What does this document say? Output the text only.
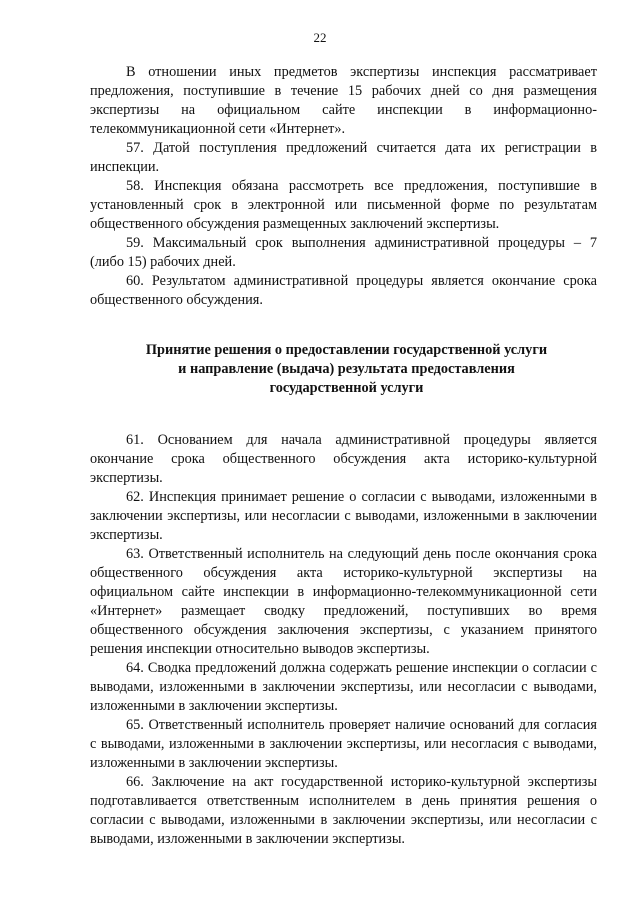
22

В отношении иных предметов экспертизы инспекция рассматривает предложения, поступившие в течение 15 рабочих дней со дня размещения экспертизы на официальном сайте инспекции в информационно-телекоммуникационной сети «Интернет».

57. Датой поступления предложений считается дата их регистрации в инспекции.

58. Инспекция обязана рассмотреть все предложения, поступившие в установленный срок в электронной или письменной форме по результатам общественного обсуждения размещенных заключений экспертизы.

59. Максимальный срок выполнения административной процедуры – 7 (либо 15) рабочих дней.

60. Результатом административной процедуры является окончание срока общественного обсуждения.

Принятие решения о предоставлении государственной услуги
и направление (выдача) результата предоставления
государственной услуги

61. Основанием для начала административной процедуры является окончание срока общественного обсуждения акта историко-культурной экспертизы.

62. Инспекция принимает решение о согласии с выводами, изложенными в заключении экспертизы, или несогласии с выводами, изложенными в заключении экспертизы.

63. Ответственный исполнитель на следующий день после окончания срока общественного обсуждения акта историко-культурной экспертизы на официальном сайте инспекции в информационно-телекоммуникационной сети «Интернет» размещает сводку предложений, поступивших во время общественного обсуждения заключения экспертизы, с указанием принятого решения инспекции относительно выводов экспертизы.

64. Сводка предложений должна содержать решение инспекции о согласии с выводами, изложенными в заключении экспертизы, или несогласии с выводами, изложенными в заключении экспертизы.

65. Ответственный исполнитель проверяет наличие оснований для согласия с выводами, изложенными в заключении экспертизы, или несогласия с выводами, изложенными в заключении экспертизы.

66. Заключение на акт государственной историко-культурной экспертизы подготавливается ответственным исполнителем в день принятия решения о согласии с выводами, изложенными в заключении экспертизы, или несогласии с выводами, изложенными в заключении экспертизы.
